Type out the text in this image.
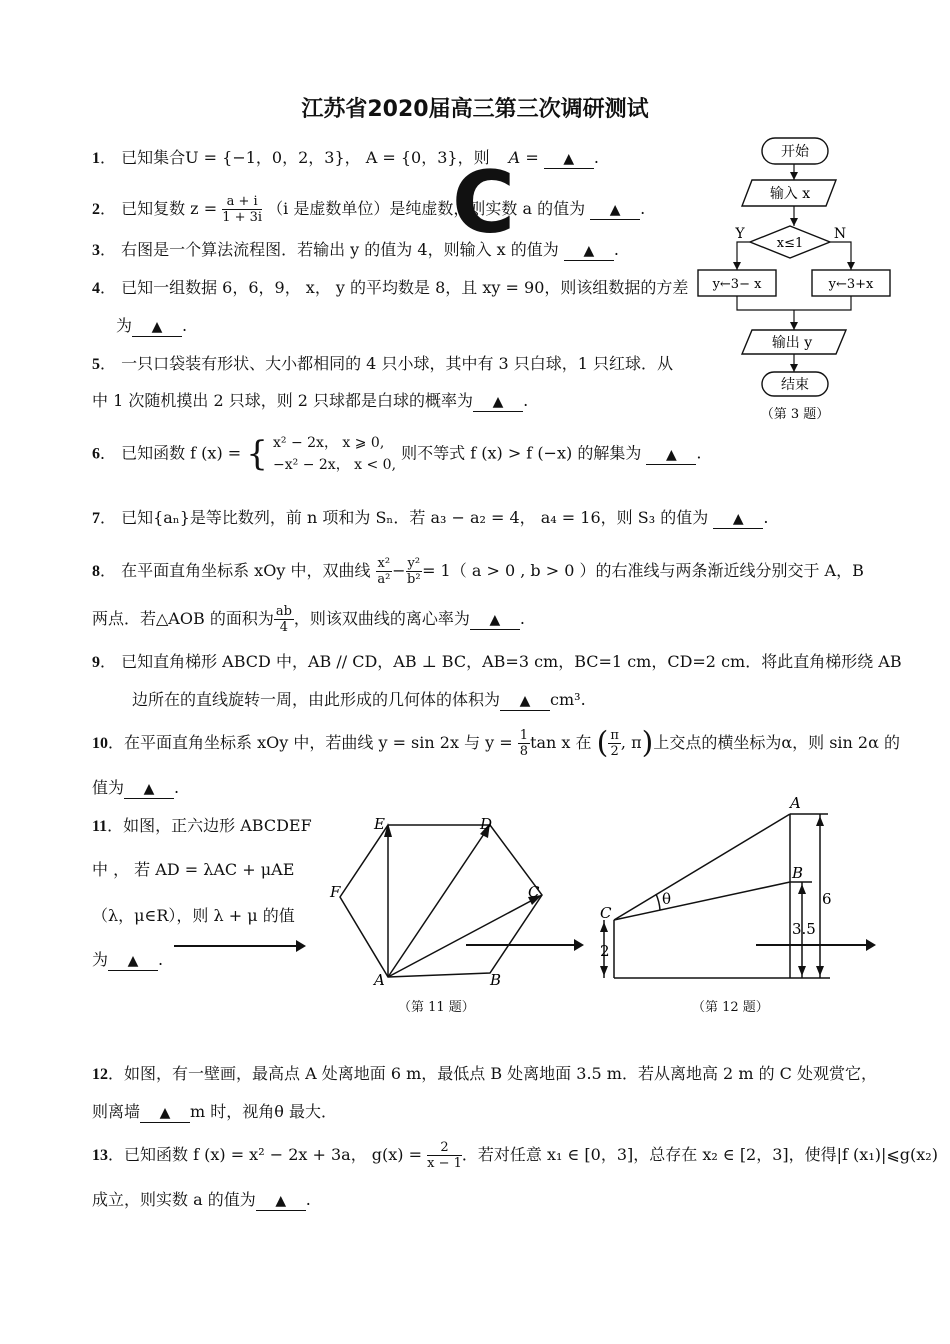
江苏省2020届高三第三次调研测试
1． 已知集合U = {−1，0，2，3}， A = {0，3}，则 A = ▲ .
2． 已知复数 $z = \frac{a + i}{1 + 3i} (i$ 是虚数单位）是纯虚数，则实数 a 的值为 ▲ .
C
3． 右图是一个算法流程图．若输出 y 的值为 4，则输入 x 的值为 ▲ .
4． 已知一组数据 6，6，9， x， y 的平均数是 8，且 xy = 90，则该组数据的方差
为 ▲ .
5． 一只口袋装有形状、大小都相同的 4 只小球，其中有 3 只白球，1 只红球．从
中 1 次随机摸出 2 只球，则 2 只球都是白球的概率为 ▲ .
6． 已知函数 f (x) = { x² − 2x， x ⩾ 0,
−x² − 2x， x < 0,
则不等式 f (x) > f (−x) 的解集为 ▲ .
7． 已知{aₙ}是等比数列，前 n 项和为 Sₙ．若 a₃ − a₂ = 4， a₄ = 16，则 S₃ 的值为 ▲ .
8． 在平面直角坐标系 xOy 中，双曲线 $\frac{\text{x²}}{\text{a²}} - \frac{\text{y²}}{\text{b²}} = 1$（ a > 0 , b > 0 ）的右准线与两条渐近线分别交于 A，B
两点．若△AOB 的面积为 $\frac{ab}{4}$ ，则该双曲线的离心率为 ▲ .
9． 已知直角梯形 ABCD 中，AB // CD，AB ⊥ BC，AB=3 cm，BC=1 cm，CD=2 cm．将此直角梯形绕 AB
边所在的直线旋转一周，由此形成的几何体的体积为 ▲ cm³.
10．在平面直角坐标系 xOy 中，若曲线 y = sin 2x 与 $y = \frac{1}{8}$ tan x 在 ( $\frac{\pi}{2}$ , π)上交点的横坐标为α，则 sin 2α 的
值为 ▲ .
11．如图，正六边形 ABCDEF
中 ， 若 AD = λAC + μAE
（λ，μ∈R），则 λ + μ 的值
为 ▲ .
A	B
C
D
E
F
（第 11 题）
A
B
C
θ	6
3.5
2
（第 12 题）
12．如图，有一壁画，最高点 A 处离地面 6 m，最低点 B 处离地面 3.5 m．若从离地高 2 m 的 C 处观赏它，
则离墙 ▲ m 时，视角θ 最大．
13．已知函数 f (x) = x² − 2x + 3a， $g(x) = \frac{2}{x - 1}$ ．若对任意 x₁ ∈ [0，3]，总存在 x₂ ∈ [2，3]，使得|f (x₁)|⩽g(x₂)
成立，则实数 a 的值为 ▲ .
开始
输入 x
x≤1
Y	N
y←3− x	y←3+x
输出 y
结束
（第 3 题）
